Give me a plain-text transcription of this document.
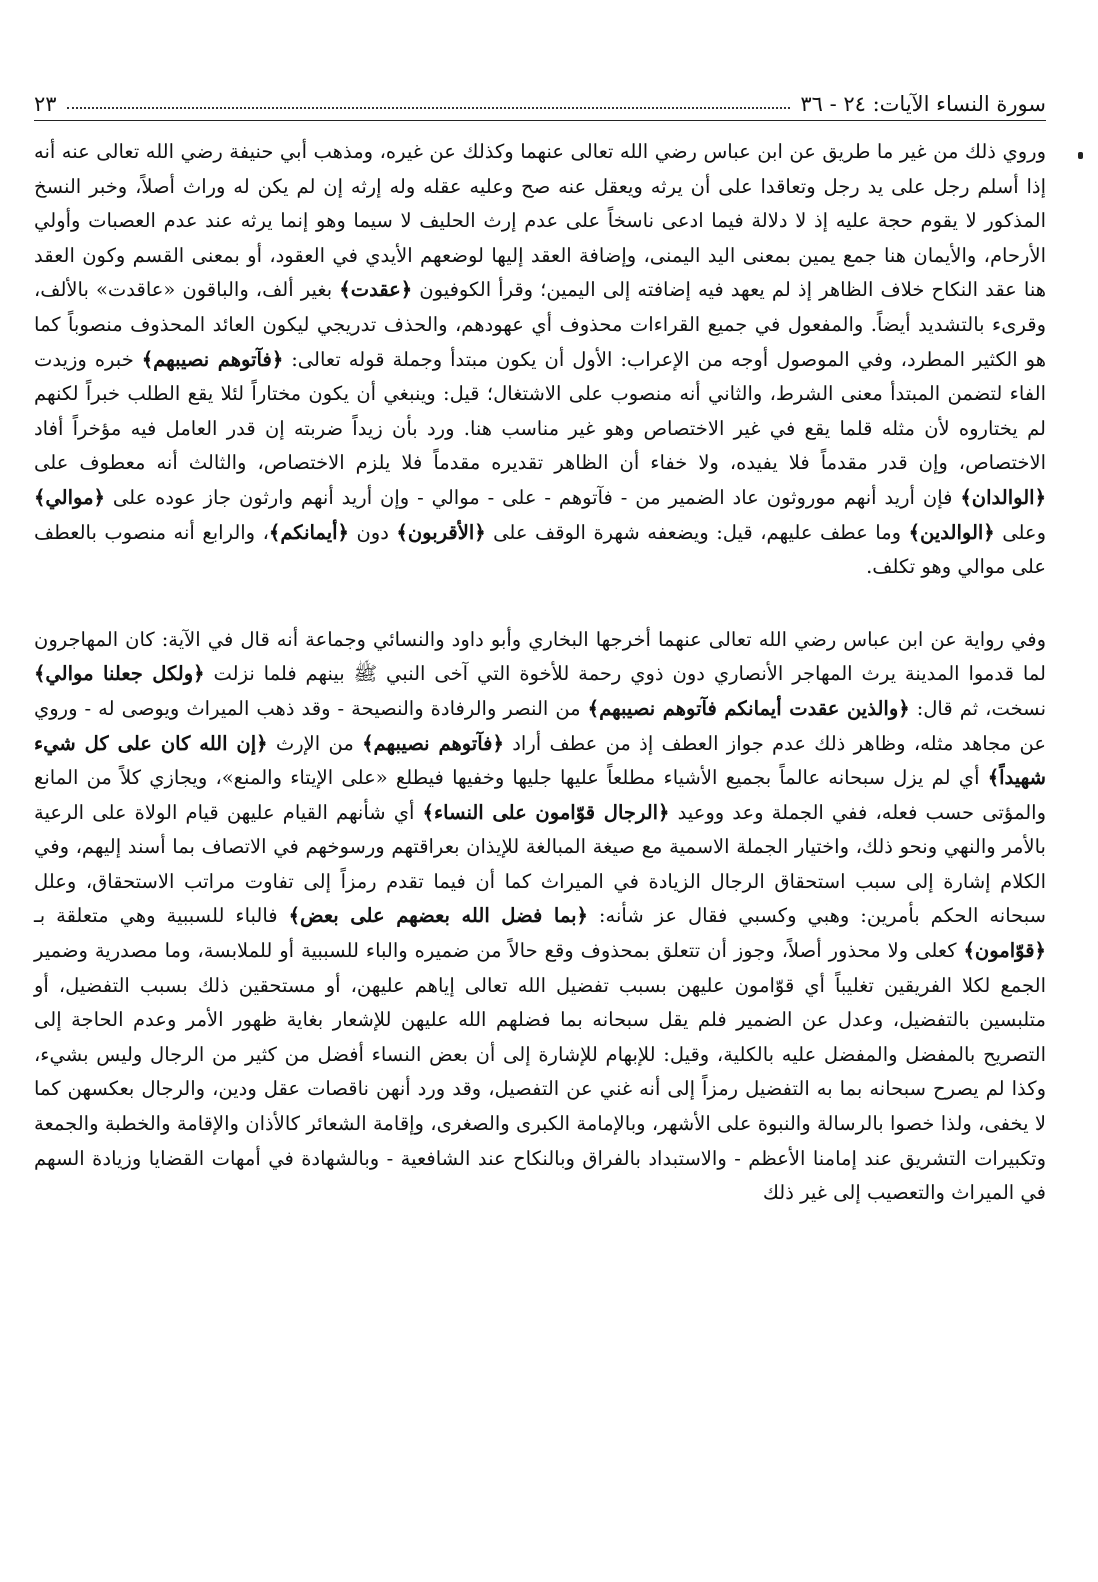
سورة النساء الآيات: ٢٤ - ٣٦
٢٣

وروي ذلك من غير ما طريق عن ابن عباس رضي الله تعالى عنهما وكذلك عن غيره، ومذهب أبي حنيفة رضي الله تعالى عنه أنه إذا أسلم رجل على يد رجل وتعاقدا على أن يرثه ويعقل عنه صح وعليه عقله وله إرثه إن لم يكن له وراث أصلاً، وخبر النسخ المذكور لا يقوم حجة عليه إذ لا دلالة فيما ادعى ناسخاً على عدم إرث الحليف لا سيما وهو إنما يرثه عند عدم العصبات وأولي الأرحام، والأيمان هنا جمع يمين بمعنى اليد اليمنى، وإضافة العقد إليها لوضعهم الأيدي في العقود، أو بمعنى القسم وكون العقد هنا عقد النكاح خلاف الظاهر إذ لم يعهد فيه إضافته إلى اليمين؛ وقرأ الكوفيون ﴿عقدت﴾ بغير ألف، والباقون «عاقدت» بالألف، وقرىء بالتشديد أيضاً. والمفعول في جميع القراءات محذوف أي عهودهم، والحذف تدريجي ليكون العائد المحذوف منصوباً كما هو الكثير المطرد، وفي الموصول أوجه من الإعراب: الأول أن يكون مبتدأ وجملة قوله تعالى: ﴿فآتوهم نصيبهم﴾ خبره وزيدت الفاء لتضمن المبتدأ معنى الشرط، والثاني أنه منصوب على الاشتغال؛ قيل: وينبغي أن يكون مختاراً لئلا يقع الطلب خبراً لكنهم لم يختاروه لأن مثله قلما يقع في غير الاختصاص وهو غير مناسب هنا. ورد بأن زيداً ضربته إن قدر العامل فيه مؤخراً أفاد الاختصاص، وإن قدر مقدماً فلا يفيده، ولا خفاء أن الظاهر تقديره مقدماً فلا يلزم الاختصاص، والثالث أنه معطوف على ﴿الوالدان﴾ فإن أريد أنهم موروثون عاد الضمير من - فآتوهم - على - موالي - وإن أريد أنهم وارثون جاز عوده على ﴿موالي﴾ وعلى ﴿الوالدين﴾ وما عطف عليهم، قيل: ويضعفه شهرة الوقف على ﴿الأقربون﴾ دون ﴿أيمانكم﴾، والرابع أنه منصوب بالعطف على موالي وهو تكلف.

وفي رواية عن ابن عباس رضي الله تعالى عنهما أخرجها البخاري وأبو داود والنسائي وجماعة أنه قال في الآية: كان المهاجرون لما قدموا المدينة يرث المهاجر الأنصاري دون ذوي رحمة للأخوة التي آخى النبي ﷺ بينهم فلما نزلت ﴿ولكل جعلنا موالي﴾ نسخت، ثم قال: ﴿والذين عقدت أيمانكم فآتوهم نصيبهم﴾ من النصر والرفادة والنصيحة - وقد ذهب الميراث ويوصى له - وروي عن مجاهد مثله، وظاهر ذلك عدم جواز العطف إذ من عطف أراد ﴿فآتوهم نصيبهم﴾ من الإرث ﴿إن الله كان على كل شيء شهيداً﴾ أي لم يزل سبحانه عالماً بجميع الأشياء مطلعاً عليها جليها وخفيها فيطلع «على الإيتاء والمنع»، ويجازي كلاً من المانع والمؤتى حسب فعله، ففي الجملة وعد ووعيد ﴿الرجال قوّامون على النساء﴾ أي شأنهم القيام عليهن قيام الولاة على الرعية بالأمر والنهي ونحو ذلك، واختيار الجملة الاسمية مع صيغة المبالغة للإيذان بعراقتهم ورسوخهم في الاتصاف بما أسند إليهم، وفي الكلام إشارة إلى سبب استحقاق الرجال الزيادة في الميراث كما أن فيما تقدم رمزاً إلى تفاوت مراتب الاستحقاق، وعلل سبحانه الحكم بأمرين: وهبي وكسبي فقال عز شأنه: ﴿بما فضل الله بعضهم على بعض﴾ فالباء للسببية وهي متعلقة بـ ﴿قوّامون﴾ كعلى ولا محذور أصلاً، وجوز أن تتعلق بمحذوف وقع حالاً من ضميره والباء للسببية أو للملابسة، وما مصدرية وضمير الجمع لكلا الفريقين تغليباً أي قوّامون عليهن بسبب تفضيل الله تعالى إياهم عليهن، أو مستحقين ذلك بسبب التفضيل، أو متلبسين بالتفضيل، وعدل عن الضمير فلم يقل سبحانه بما فضلهم الله عليهن للإشعار بغاية ظهور الأمر وعدم الحاجة إلى التصريح بالمفضل والمفضل عليه بالكلية، وقيل: للإبهام للإشارة إلى أن بعض النساء أفضل من كثير من الرجال وليس بشيء، وكذا لم يصرح سبحانه بما به التفضيل رمزاً إلى أنه غني عن التفصيل، وقد ورد أنهن ناقصات عقل ودين، والرجال بعكسهن كما لا يخفى، ولذا خصوا بالرسالة والنبوة على الأشهر، وبالإمامة الكبرى والصغرى، وإقامة الشعائر كالأذان والإقامة والخطبة والجمعة وتكبيرات التشريق عند إمامنا الأعظم - والاستبداد بالفراق وبالنكاح عند الشافعية - وبالشهادة في أمهات القضايا وزيادة السهم في الميراث والتعصيب إلى غير ذلك
